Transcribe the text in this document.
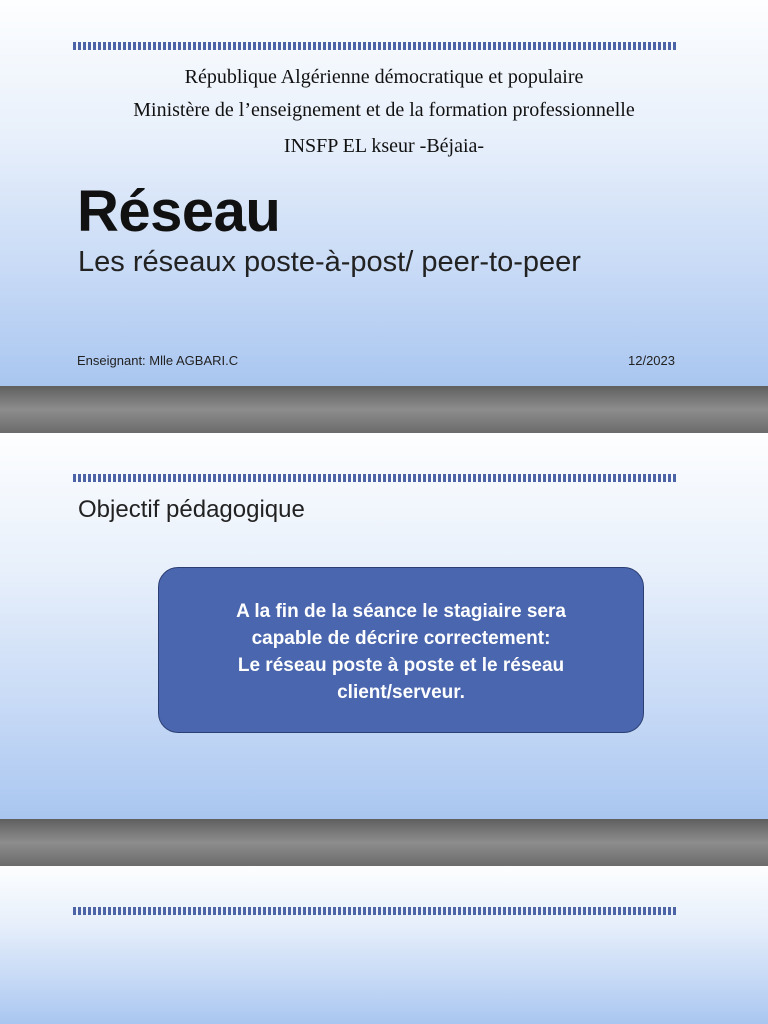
République Algérienne démocratique et populaire
Ministère de l’enseignement et de la formation professionnelle
INSFP EL kseur -Béjaia-
Réseau
Les réseaux poste-à-post/ peer-to-peer
Enseignant: Mlle AGBARI.C	12/2023
Objectif pédagogique
A la fin de la séance le stagiaire sera
capable de décrire correctement:
Le réseau poste à poste et le réseau
client/serveur.
